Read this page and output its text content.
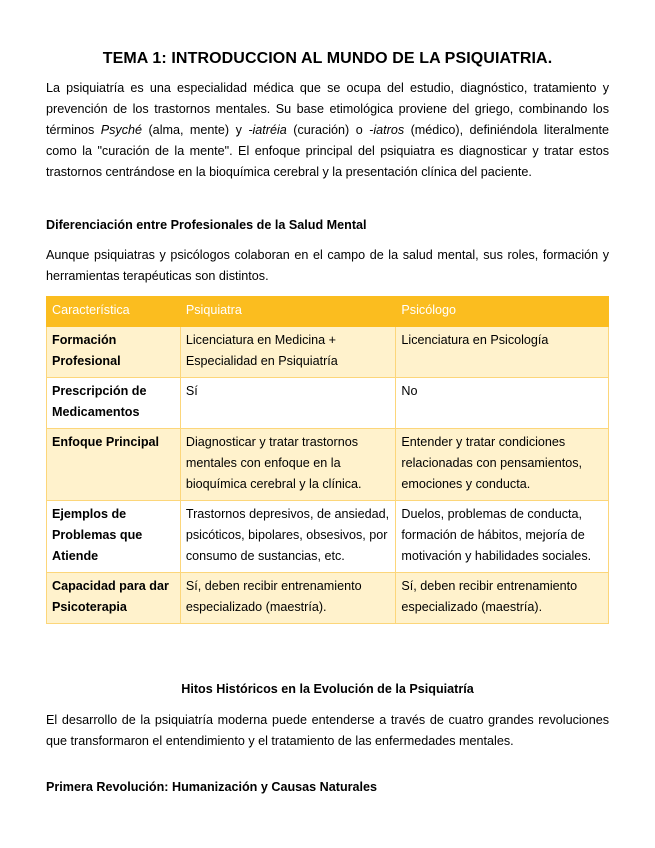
TEMA 1: INTRODUCCION AL MUNDO DE LA PSIQUIATRIA.

La psiquiatría es una especialidad médica que se ocupa del estudio, diagnóstico, tratamiento y prevención de los trastornos mentales. Su base etimológica proviene del griego, combinando los términos Psyché (alma, mente) y -iatréia (curación) o -iatros (médico), definiéndola literalmente como la "curación de la mente". El enfoque principal del psiquiatra es diagnosticar y tratar estos trastornos centrándose en la bioquímica cerebral y la presentación clínica del paciente.

Diferenciación entre Profesionales de la Salud Mental

Aunque psiquiatras y psicólogos colaboran en el campo de la salud mental, sus roles, formación y herramientas terapéuticas son distintos.

Característica	Psiquiatra	Psicólogo
Formación Profesional	Licenciatura en Medicina + Especialidad en Psiquiatría	Licenciatura en Psicología
Prescripción de Medicamentos	Sí	No
Enfoque Principal	Diagnosticar y tratar trastornos mentales con enfoque en la bioquímica cerebral y la clínica.	Entender y tratar condiciones relacionadas con pensamientos, emociones y conducta.
Ejemplos de Problemas que Atiende	Trastornos depresivos, de ansiedad, psicóticos, bipolares, obsesivos, por consumo de sustancias, etc.	Duelos, problemas de conducta, formación de hábitos, mejoría de motivación y habilidades sociales.
Capacidad para dar Psicoterapia	Sí, deben recibir entrenamiento especializado (maestría).	Sí, deben recibir entrenamiento especializado (maestría).
Hitos Históricos en la Evolución de la Psiquiatría

El desarrollo de la psiquiatría moderna puede entenderse a través de cuatro grandes revoluciones que transformaron el entendimiento y el tratamiento de las enfermedades mentales.

Primera Revolución: Humanización y Causas Naturales
